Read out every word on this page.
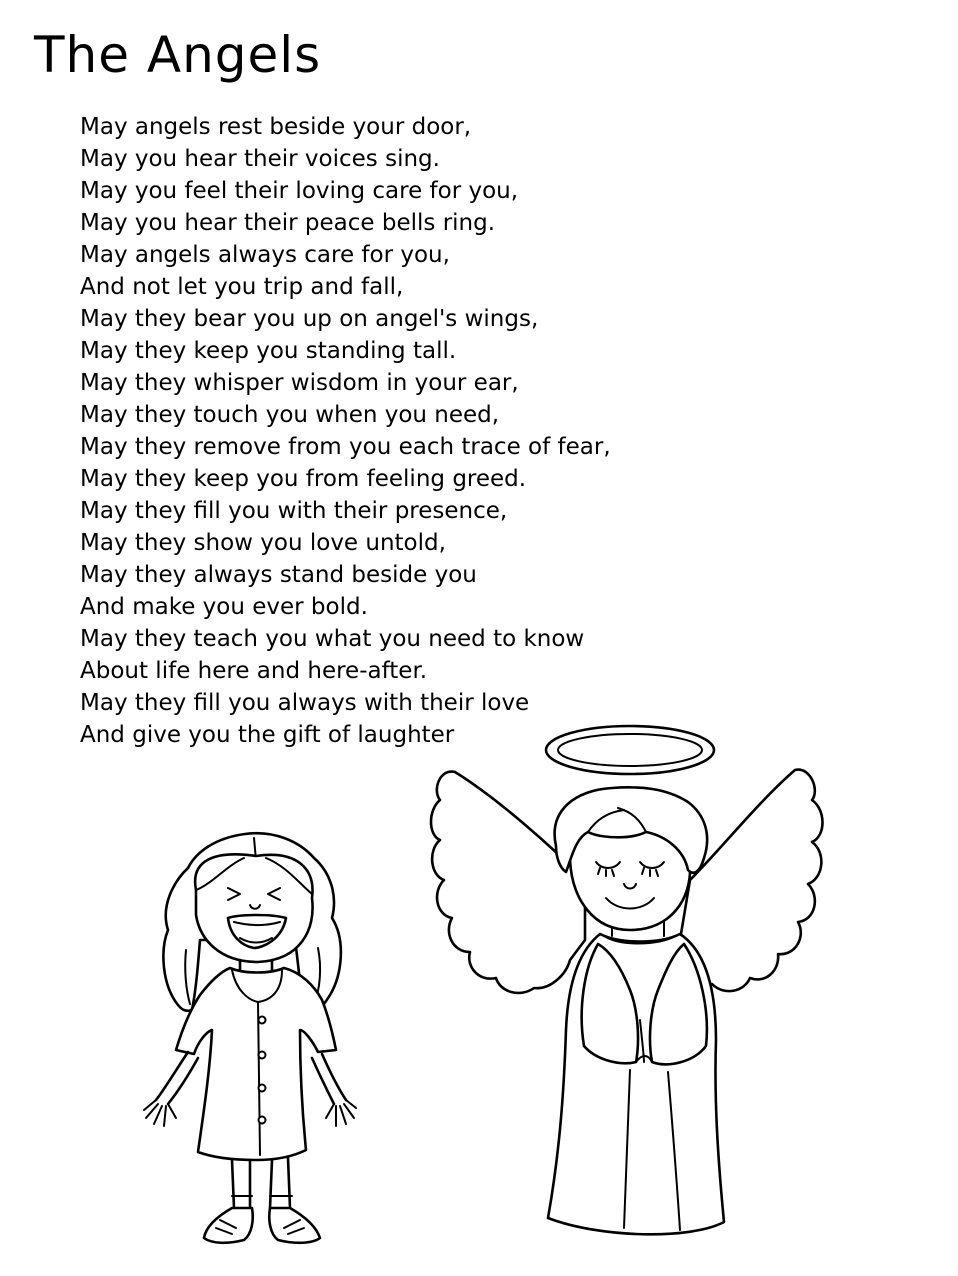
The Angels
May angels rest beside your door,
May you hear their voices sing.
May you feel their loving care for you,
May you hear their peace bells ring.
May angels always care for you,
And not let you trip and fall,
May they bear you up on angel's wings,
May they keep you standing tall.
May they whisper wisdom in your ear,
May they touch you when you need,
May they remove from you each trace of fear,
May they keep you from feeling greed.
May they fill you with their presence,
May they show you love untold,
May they always stand beside you
And make you ever bold.
May they teach you what you need to know
About life here and here-after.
May they fill you always with their love
And give you the gift of laughter
